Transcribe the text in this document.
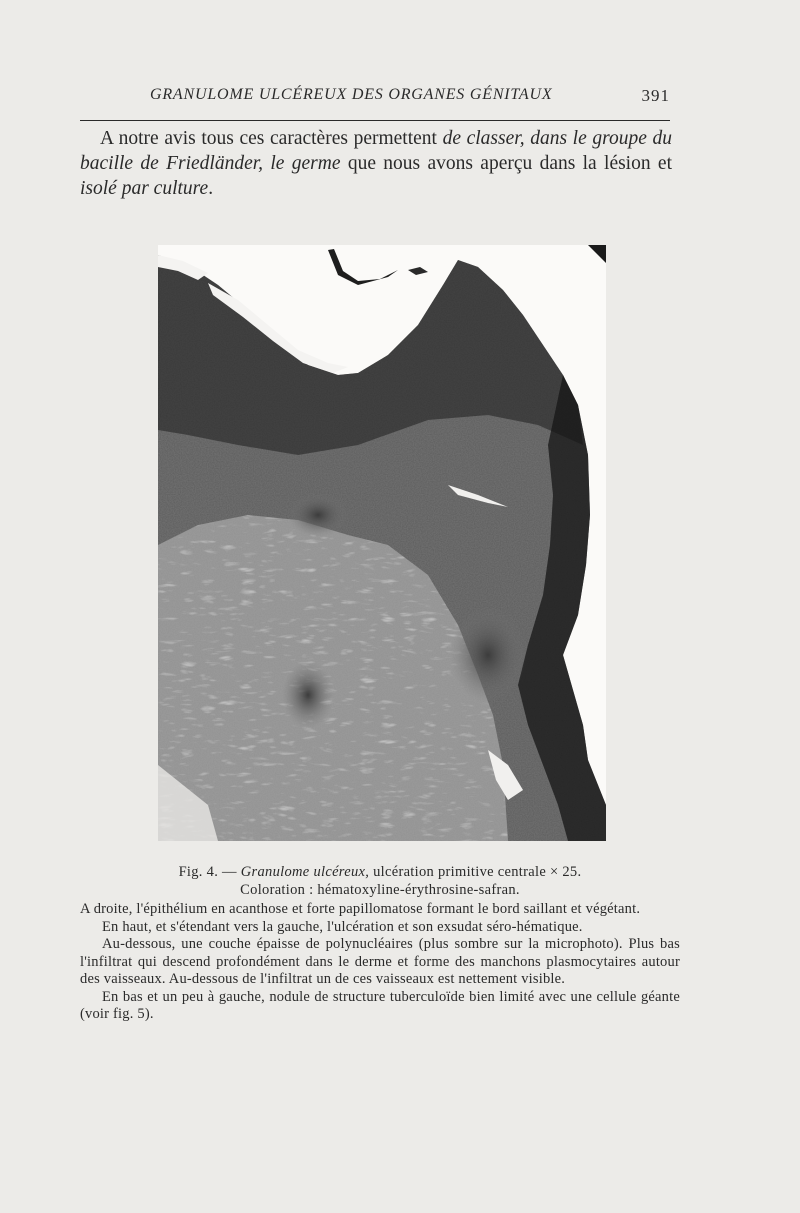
GRANULOME ULCÉREUX DES ORGANES GÉNITAUX	391

A notre avis tous ces caractères permettent de classer, dans le groupe du bacille de Friedländer, le germe que nous avons aperçu dans la lésion et isolé par culture.

Fig. 4. — Granulome ulcéreux, ulcération primitive centrale × 25.

Coloration : hématoxyline-érythrosine-safran.

A droite, l'épithélium en acanthose et forte papillomatose formant le bord saillant et végétant.

En haut, et s'étendant vers la gauche, l'ulcération et son exsudat séro-hématique.

Au-dessous, une couche épaisse de polynucléaires (plus sombre sur la microphoto). Plus bas l'infiltrat qui descend profondément dans le derme et forme des manchons plasmocytaires autour des vaisseaux. Au-dessous de l'infiltrat un de ces vaisseaux est nettement visible.

En bas et un peu à gauche, nodule de structure tuberculoïde bien limité avec une cellule géante (voir fig. 5).
